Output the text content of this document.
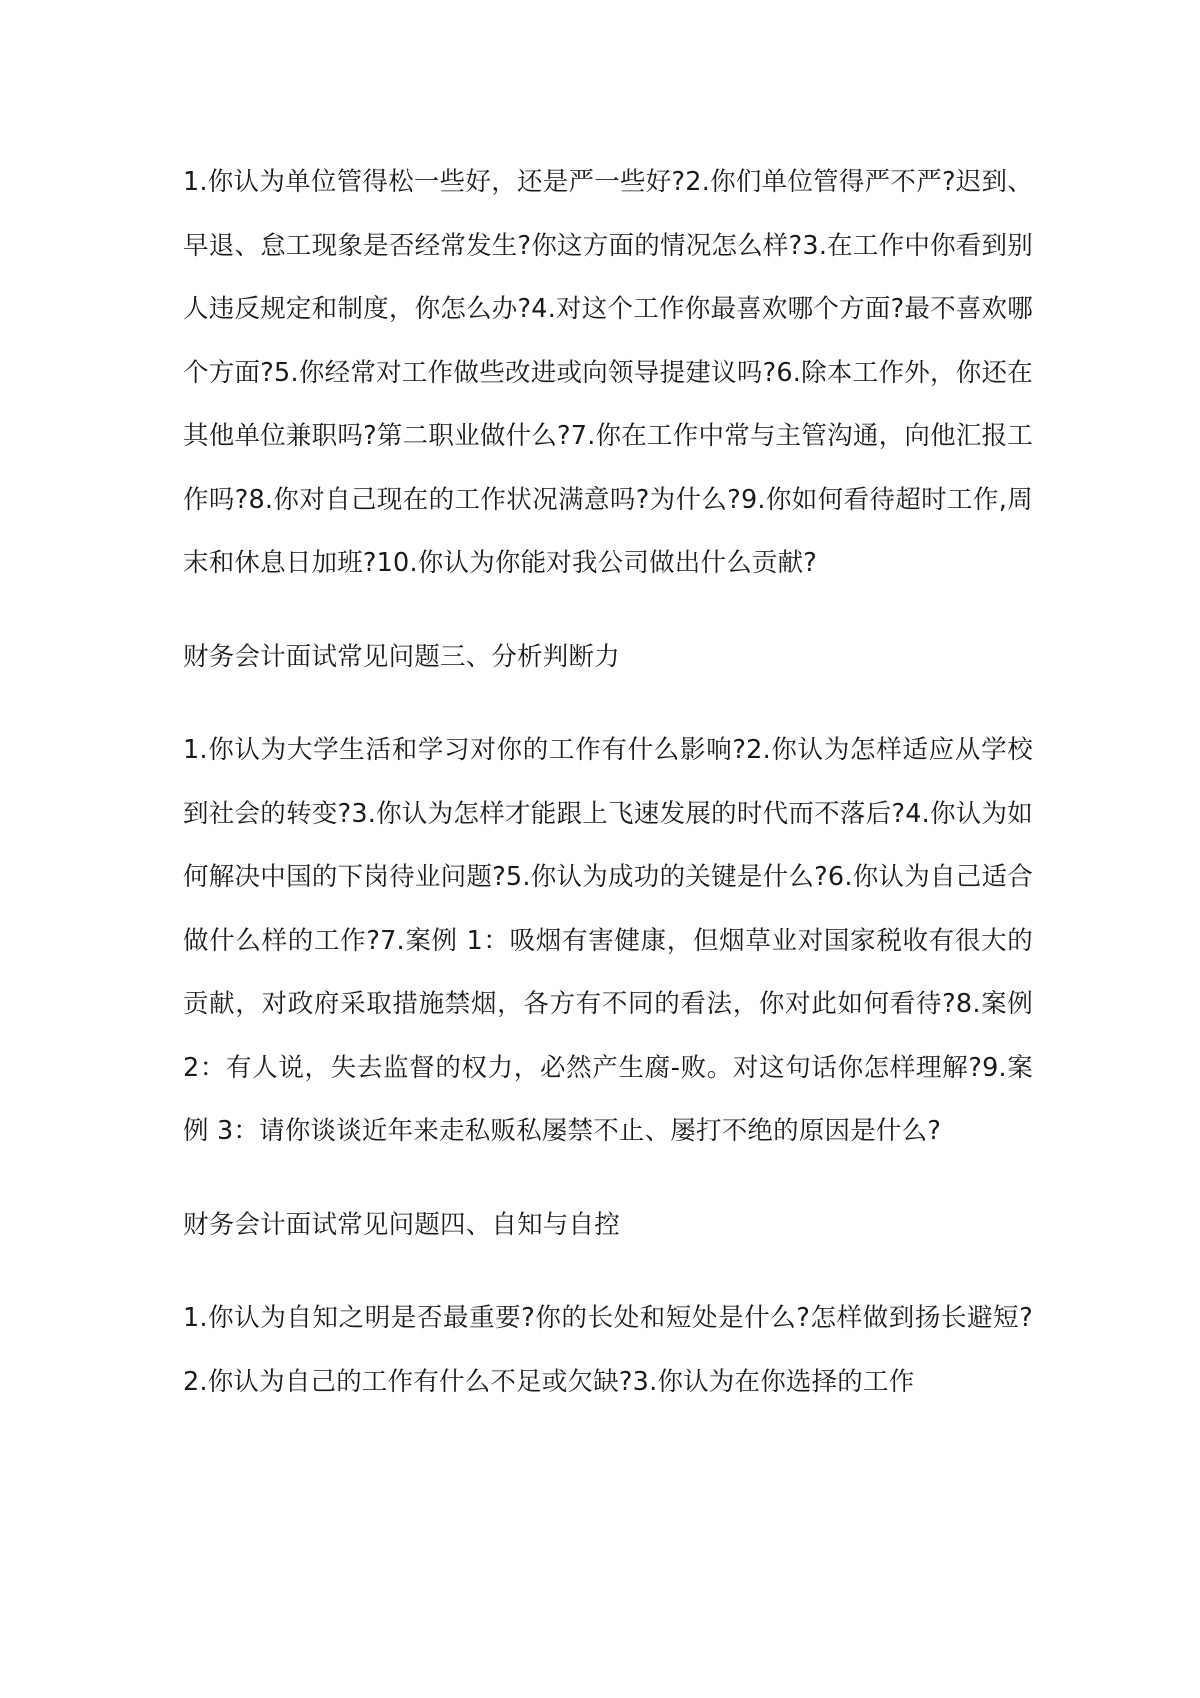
1.你认为单位管得松一些好，还是严一些好?2.你们单位管得严不严?迟到、早退、怠工现象是否经常发生?你这方面的情况怎么样?3.在工作中你看到别人违反规定和制度，你怎么办?4.对这个工作你最喜欢哪个方面?最不喜欢哪个方面?5.你经常对工作做些改进或向领导提建议吗?6.除本工作外，你还在其他单位兼职吗?第二职业做什么?7.你在工作中常与主管沟通，向他汇报工作吗?8.你对自己现在的工作状况满意吗?为什么?9.你如何看待超时工作,周末和休息日加班?10.你认为你能对我公司做出什么贡献?

财务会计面试常见问题三、分析判断力

1.你认为大学生活和学习对你的工作有什么影响?2.你认为怎样适应从学校到社会的转变?3.你认为怎样才能跟上飞速发展的时代而不落后?4.你认为如何解决中国的下岗待业问题?5.你认为成功的关键是什么?6.你认为自己适合做什么样的工作?7.案例 1：吸烟有害健康，但烟草业对国家税收有很大的贡献，对政府采取措施禁烟，各方有不同的看法，你对此如何看待?8.案例 2：有人说，失去监督的权力，必然产生腐-败。对这句话你怎样理解?9.案例 3：请你谈谈近年来走私贩私屡禁不止、屡打不绝的原因是什么?

财务会计面试常见问题四、自知与自控

1.你认为自知之明是否最重要?你的长处和短处是什么?怎样做到扬长避短?2.你认为自己的工作有什么不足或欠缺?3.你认为在你选择的工作
